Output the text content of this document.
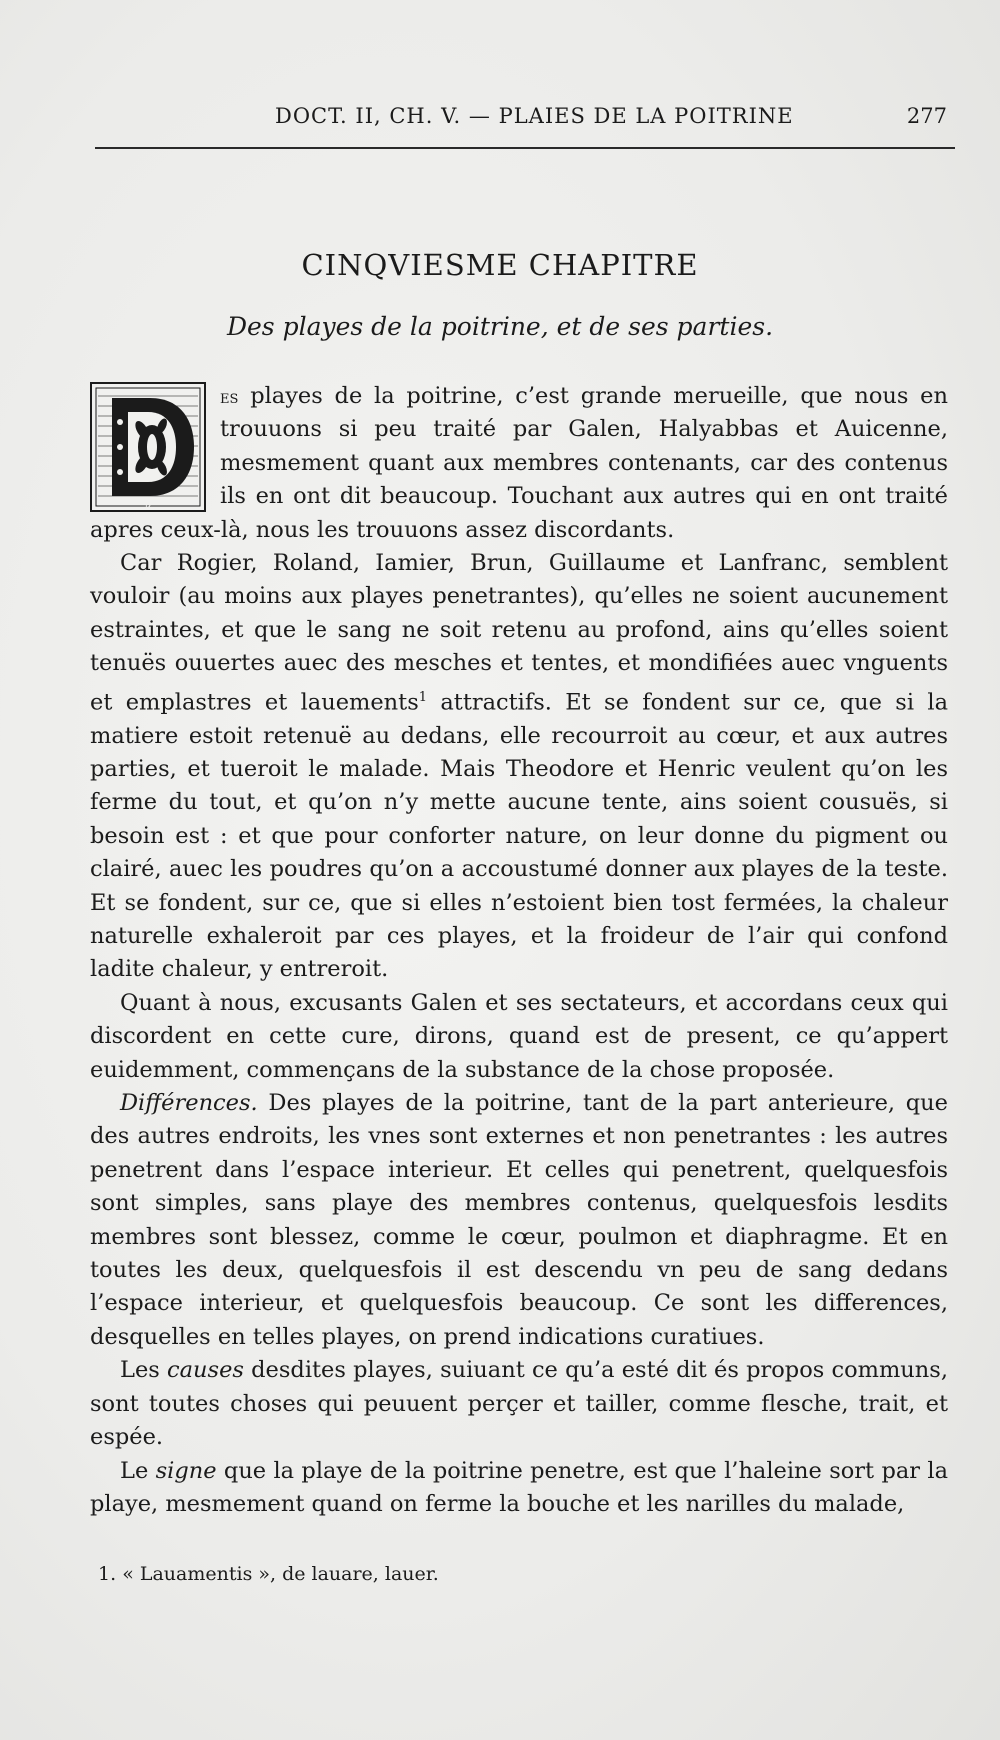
DOCT. II, CH. V. — PLAIES DE LA POITRINE	277
CINQVIESME CHAPITRE
Des playes de la poitrine, et de ses parties.

D
es playes de la poitrine, c’est grande merueille, que nous en trouuons si peu traité par Galen, Halyabbas et Auicenne, mesmement quant aux membres contenants, car des contenus ils en ont dit beaucoup. Touchant aux autres qui en ont traité apres ceux-là, nous les trouuons assez discordants.

Car Rogier, Roland, Iamier, Brun, Guillaume et Lanfranc, semblent vouloir (au moins aux playes penetrantes), qu’elles ne soient aucunement estraintes, et que le sang ne soit retenu au profond, ains qu’elles soient tenuës ouuertes auec des mesches et tentes, et mondifiées auec vnguents et emplastres et lauements$^1$ attractifs. Et se fondent sur ce, que si la matiere estoit retenuë au dedans, elle recourroit au cœur, et aux autres parties, et tueroit le malade. Mais Theodore et Henric veulent qu’on les ferme du tout, et qu’on n’y mette aucune tente, ains soient cousuës, si besoin est : et que pour conforter nature, on leur donne du pigment ou clairé, auec les poudres qu’on a accoustumé donner aux playes de la teste. Et se fondent, sur ce, que si elles n’estoient bien tost fermées, la chaleur naturelle exhaleroit par ces playes, et la froideur de l’air qui confond ladite chaleur, y entreroit.

Quant à nous, excusants Galen et ses sectateurs, et accordans ceux qui discordent en cette cure, dirons, quand est de present, ce qu’appert euidemment, commençans de la substance de la chose proposée.

Différences. Des playes de la poitrine, tant de la part anterieure, que des autres endroits, les vnes sont externes et non penetrantes : les autres penetrent dans l’espace interieur. Et celles qui penetrent, quelquesfois sont simples, sans playe des membres contenus, quelquesfois lesdits membres sont blessez, comme le cœur, poulmon et diaphragme. Et en toutes les deux, quelquesfois il est descendu vn peu de sang dedans l’espace interieur, et quelquesfois beaucoup. Ce sont les differences, desquelles en telles playes, on prend indications curatiues.

Les causes desdites playes, suiuant ce qu’a esté dit és propos communs, sont toutes choses qui peuuent perçer et tailler, comme flesche, trait, et espée.

Le signe que la playe de la poitrine penetre, est que l’haleine sort par la playe, mesmement quand on ferme la bouche et les narilles du malade,

1. « Lauamentis », de lauare, lauer.
